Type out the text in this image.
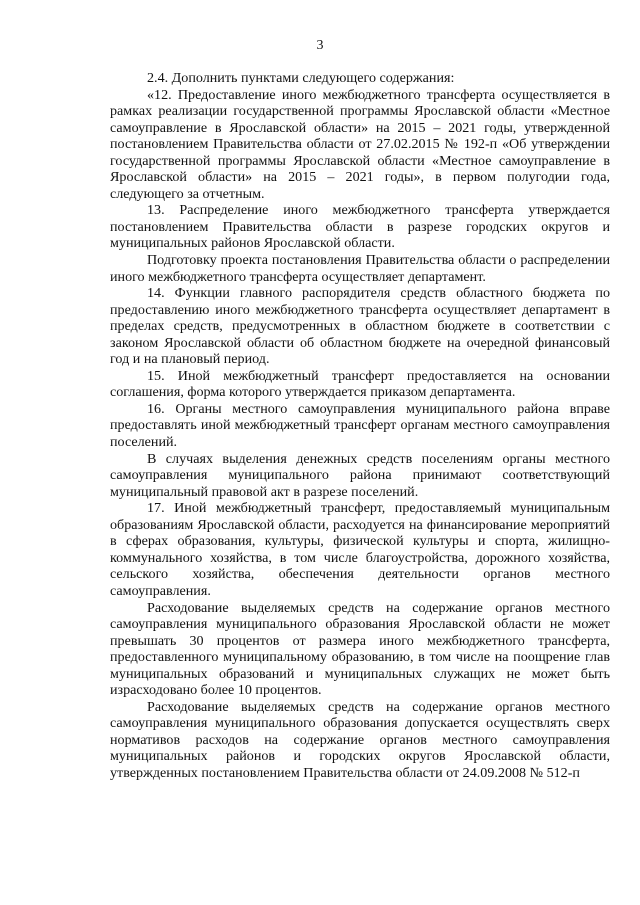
3

2.4. Дополнить пунктами следующего содержания:

«12. Предоставление иного межбюджетного трансферта осуществляется в рамках реализации государственной программы Ярославской области «Местное самоуправление в Ярославской области» на 2015 – 2021 годы, утвержденной постановлением Правительства области от 27.02.2015 № 192-п «Об утверждении государственной программы Ярославской области «Местное самоуправление в Ярославской области» на 2015 – 2021 годы», в первом полугодии года, следующего за отчетным.

13. Распределение иного межбюджетного трансферта утверждается постановлением Правительства области в разрезе городских округов и муниципальных районов Ярославской области.

Подготовку проекта постановления Правительства области о распределении иного межбюджетного трансферта осуществляет департамент.

14. Функции главного распорядителя средств областного бюджета по предоставлению иного межбюджетного трансферта осуществляет департамент в пределах средств, предусмотренных в областном бюджете в соответствии с законом Ярославской области об областном бюджете на очередной финансовый год и на плановый период.

15. Иной межбюджетный трансферт предоставляется на основании соглашения, форма которого утверждается приказом департамента.

16. Органы местного самоуправления муниципального района вправе предоставлять иной межбюджетный трансферт органам местного самоуправления поселений.

В случаях выделения денежных средств поселениям органы местного самоуправления муниципального района принимают соответствующий муниципальный правовой акт в разрезе поселений.

17. Иной межбюджетный трансферт, предоставляемый муниципальным образованиям Ярославской области, расходуется на финансирование мероприятий в сферах образования, культуры, физической культуры и спорта, жилищно-коммунального хозяйства, в том числе благоустройства, дорожного хозяйства, сельского хозяйства, обеспечения деятельности органов местного самоуправления.

Расходование выделяемых средств на содержание органов местного самоуправления муниципального образования Ярославской области не может превышать 30 процентов от размера иного межбюджетного трансферта, предоставленного муниципальному образованию, в том числе на поощрение глав муниципальных образований и муниципальных служащих не может быть израсходовано более 10 процентов.

Расходование выделяемых средств на содержание органов местного самоуправления муниципального образования допускается осуществлять сверх нормативов расходов на содержание органов местного самоуправления муниципальных районов и городских округов Ярославской области, утвержденных постановлением Правительства области от 24.09.2008 № 512-п
